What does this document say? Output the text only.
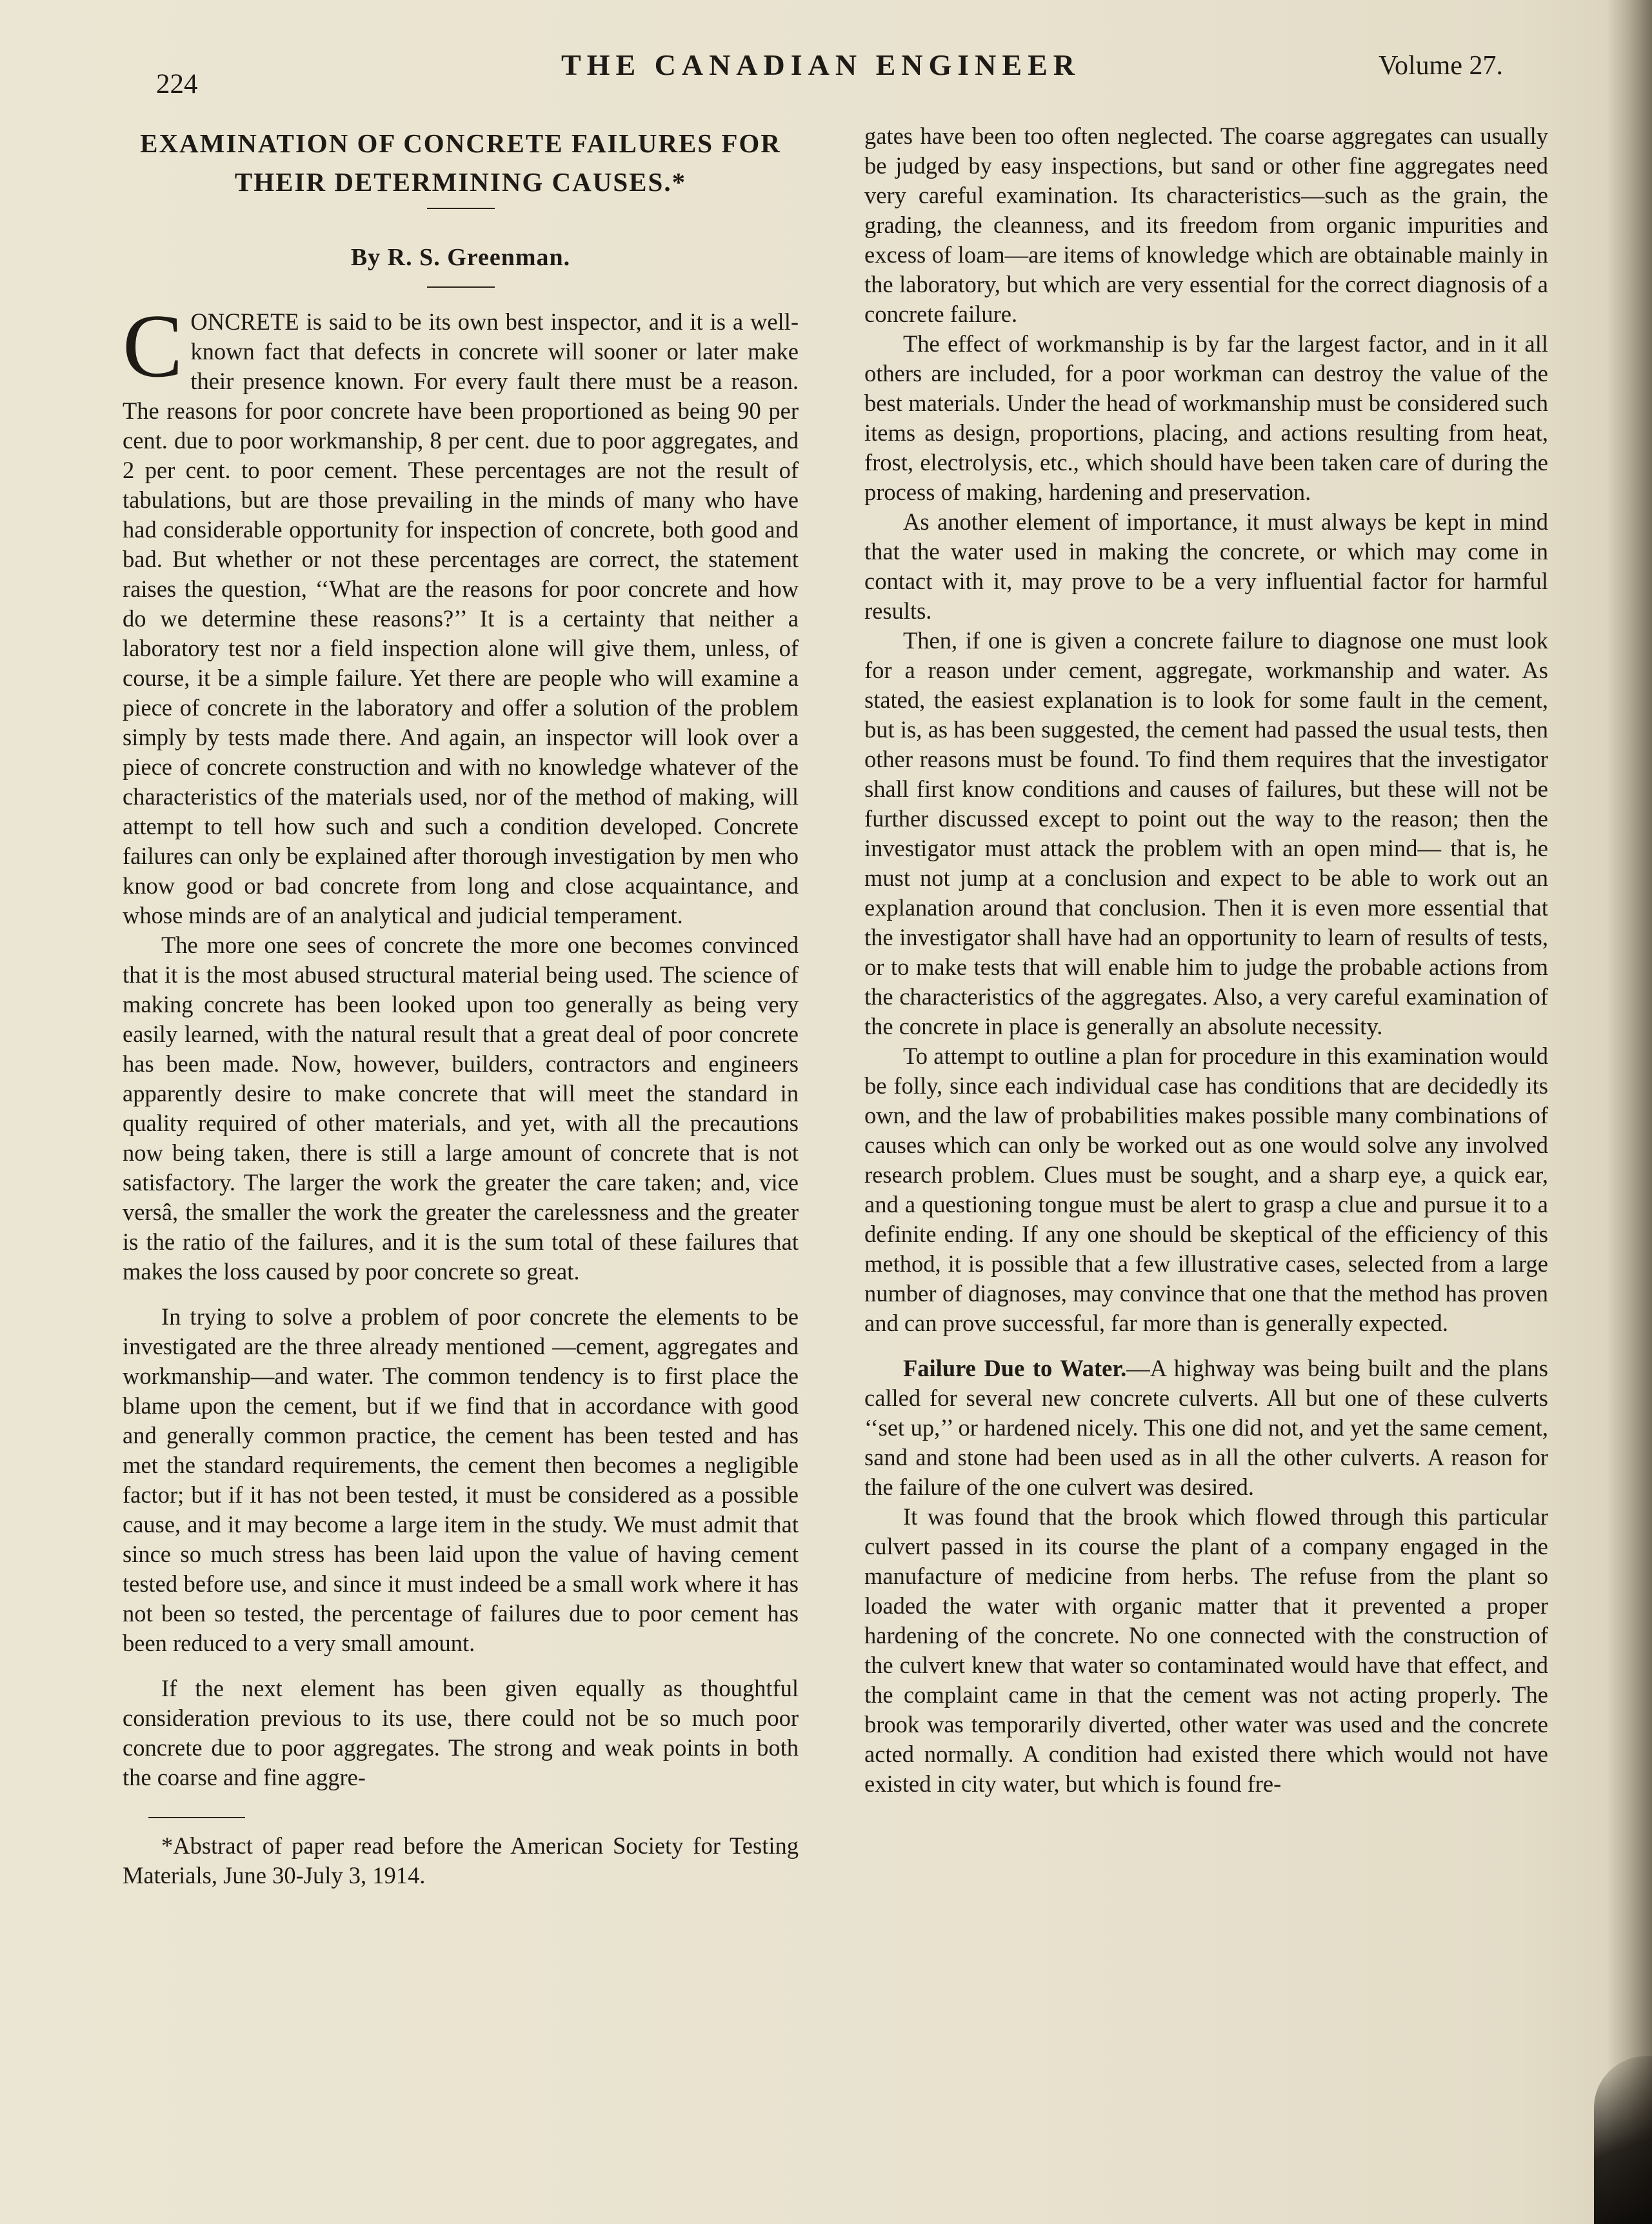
224
THE CANADIAN ENGINEER	Volume 27.
EXAMINATION OF CONCRETE FAILURES FOR
THEIR DETERMINING CAUSES.*
By R. S. Greenman.

CONCRETE is said to be its own best inspector, and it is a well-known fact that defects in concrete will sooner or later make their presence known. For every fault there must be a reason. The reasons for poor concrete have been proportioned as being 90 per cent. due to poor workmanship, 8 per cent. due to poor aggregates, and 2 per cent. to poor cement. These percentages are not the result of tabulations, but are those prevailing in the minds of many who have had considerable opportunity for inspection of concrete, both good and bad. But whether or not these percentages are correct, the statement raises the question, ‘‘What are the reasons for poor concrete and how do we determine these reasons?’’ It is a certainty that neither a laboratory test nor a field inspection alone will give them, unless, of course, it be a simple failure. Yet there are people who will examine a piece of concrete in the laboratory and offer a solution of the problem simply by tests made there. And again, an inspector will look over a piece of concrete construction and with no knowledge whatever of the characteristics of the materials used, nor of the method of making, will attempt to tell how such and such a condition developed. Concrete failures can only be explained after thorough investigation by men who know good or bad concrete from long and close acquaintance, and whose minds are of an analytical and judicial temperament.

The more one sees of concrete the more one becomes convinced that it is the most abused structural material being used. The science of making concrete has been looked upon too generally as being very easily learned, with the natural result that a great deal of poor concrete has been made. Now, however, builders, contractors and engineers apparently desire to make concrete that will meet the standard in quality required of other materials, and yet, with all the precautions now being taken, there is still a large amount of concrete that is not satisfactory. The larger the work the greater the care taken; and, vice versâ, the smaller the work the greater the carelessness and the greater is the ratio of the failures, and it is the sum total of these failures that makes the loss caused by poor concrete so great.

In trying to solve a problem of poor concrete the elements to be investigated are the three already mentioned —cement, aggregates and workmanship—and water. The common tendency is to first place the blame upon the cement, but if we find that in accordance with good and generally common practice, the cement has been tested and has met the standard requirements, the cement then becomes a negligible factor; but if it has not been tested, it must be considered as a possible cause, and it may become a large item in the study. We must admit that since so much stress has been laid upon the value of having cement tested before use, and since it must indeed be a small work where it has not been so tested, the percentage of failures due to poor cement has been reduced to a very small amount.

If the next element has been given equally as thoughtful consideration previous to its use, there could not be so much poor concrete due to poor aggregates. The strong and weak points in both the coarse and fine aggre-

*Abstract of paper read before the American Society for Testing Materials, June 30-July 3, 1914.

gates have been too often neglected. The coarse aggregates can usually be judged by easy inspections, but sand or other fine aggregates need very careful examination. Its characteristics—such as the grain, the grading, the cleanness, and its freedom from organic impurities and excess of loam—are items of knowledge which are obtainable mainly in the laboratory, but which are very essential for the correct diagnosis of a concrete failure.

The effect of workmanship is by far the largest factor, and in it all others are included, for a poor workman can destroy the value of the best materials. Under the head of workmanship must be considered such items as design, proportions, placing, and actions resulting from heat, frost, electrolysis, etc., which should have been taken care of during the process of making, hardening and preservation.

As another element of importance, it must always be kept in mind that the water used in making the concrete, or which may come in contact with it, may prove to be a very influential factor for harmful results.

Then, if one is given a concrete failure to diagnose one must look for a reason under cement, aggregate, workmanship and water. As stated, the easiest explanation is to look for some fault in the cement, but is, as has been suggested, the cement had passed the usual tests, then other reasons must be found. To find them requires that the investigator shall first know conditions and causes of failures, but these will not be further discussed except to point out the way to the reason; then the investigator must attack the problem with an open mind— that is, he must not jump at a conclusion and expect to be able to work out an explanation around that conclusion. Then it is even more essential that the investigator shall have had an opportunity to learn of results of tests, or to make tests that will enable him to judge the probable actions from the characteristics of the aggregates. Also, a very careful examination of the concrete in place is generally an absolute necessity.

To attempt to outline a plan for procedure in this examination would be folly, since each individual case has conditions that are decidedly its own, and the law of probabilities makes possible many combinations of causes which can only be worked out as one would solve any involved research problem. Clues must be sought, and a sharp eye, a quick ear, and a questioning tongue must be alert to grasp a clue and pursue it to a definite ending. If any one should be skeptical of the efficiency of this method, it is possible that a few illustrative cases, selected from a large number of diagnoses, may convince that one that the method has proven and can prove successful, far more than is generally expected.

Failure Due to Water.—A highway was being built and the plans called for several new concrete culverts. All but one of these culverts ‘‘set up,’’ or hardened nicely. This one did not, and yet the same cement, sand and stone had been used as in all the other culverts. A reason for the failure of the one culvert was desired.

It was found that the brook which flowed through this particular culvert passed in its course the plant of a company engaged in the manufacture of medicine from herbs. The refuse from the plant so loaded the water with organic matter that it prevented a proper hardening of the concrete. No one connected with the construction of the culvert knew that water so contaminated would have that effect, and the complaint came in that the cement was not acting properly. The brook was temporarily diverted, other water was used and the concrete acted normally. A condition had existed there which would not have existed in city water, but which is found fre-
